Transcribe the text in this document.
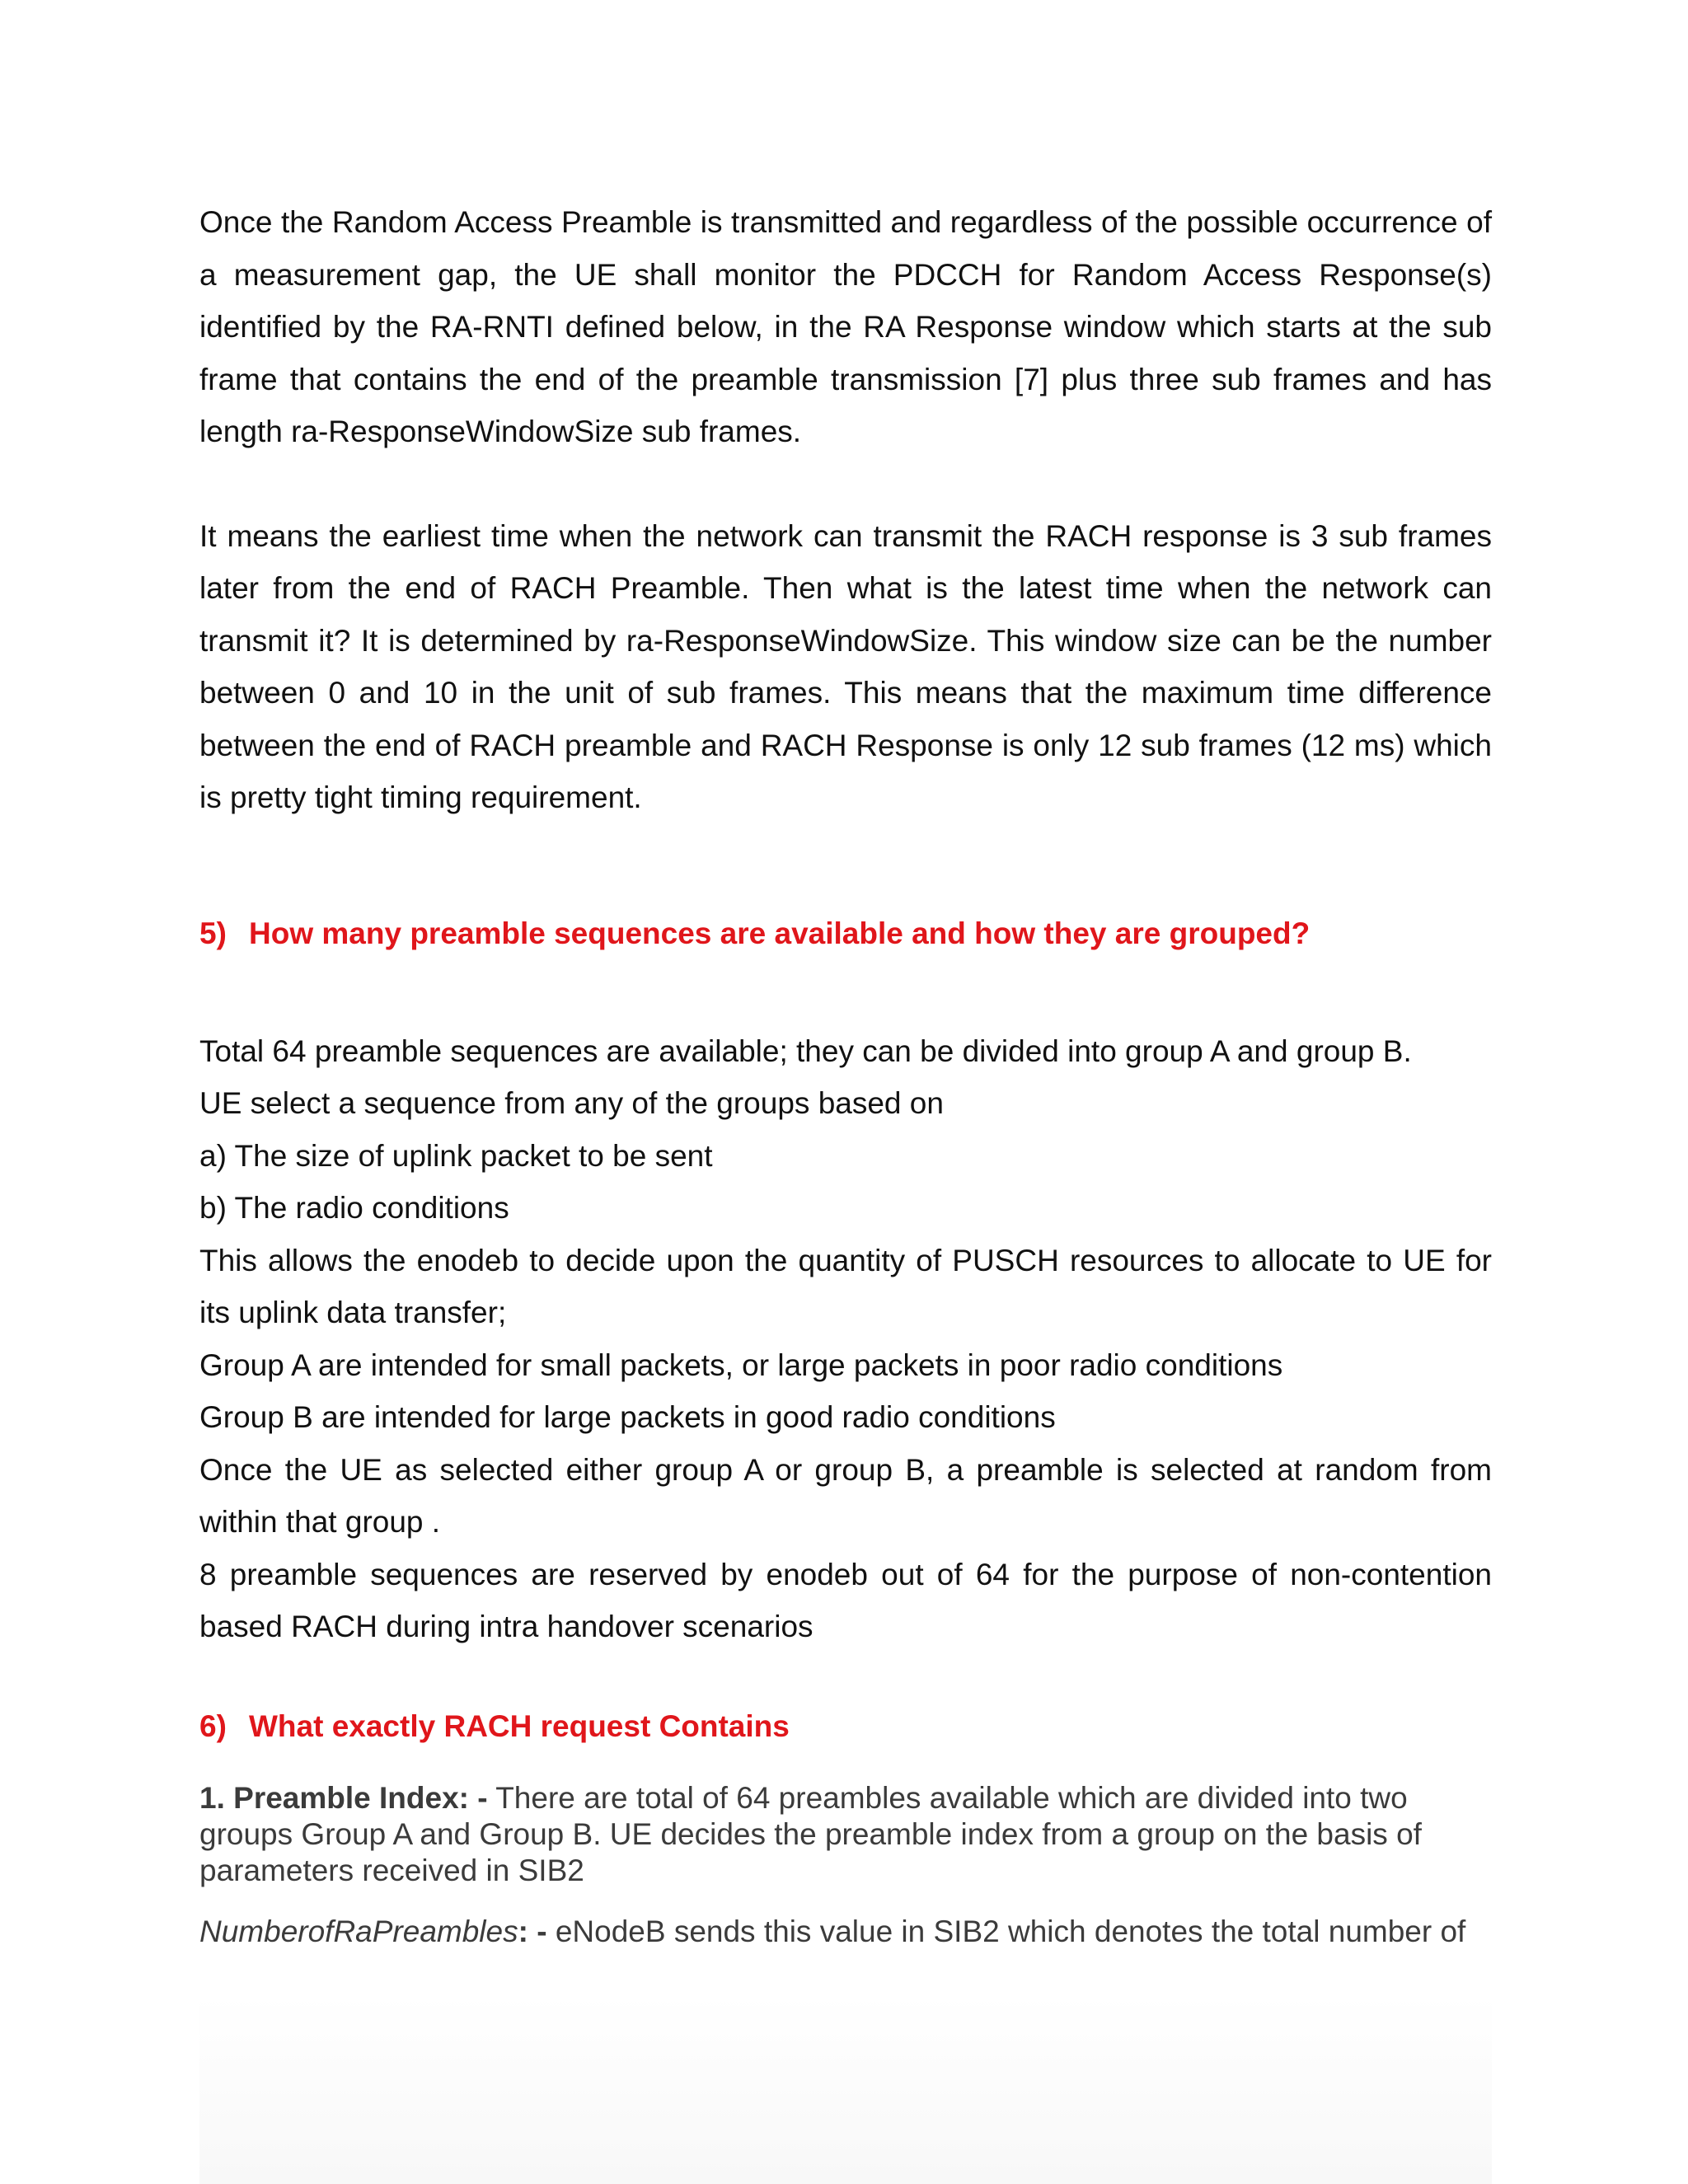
Once the Random Access Preamble is transmitted and regardless of the possible occurrence of a measurement gap, the UE shall monitor the PDCCH for Random Access Response(s) identified by the RA-RNTI defined below, in the RA Response window which starts at the sub frame that contains the end of the preamble transmission [7] plus three sub frames and has length ra-ResponseWindowSize sub frames.

It means the earliest time when the network can transmit the RACH response is 3 sub frames later from the end of RACH Preamble. Then what is the latest time when the network can transmit it? It is determined by ra-ResponseWindowSize. This window size can be the number between 0 and 10 in the unit of sub frames. This means that the maximum time difference between the end of RACH preamble and RACH Response is only 12 sub frames (12 ms) which is pretty tight timing requirement.

5) How many preamble sequences are available and how they are grouped?

Total 64 preamble sequences are available; they can be divided into group A and group B.

UE select a sequence from any of the groups based on

a) The size of uplink packet to be sent

b) The radio conditions

This allows the enodeb to decide upon the quantity of PUSCH resources to allocate to UE for its uplink data transfer;

Group A are intended for small packets, or large packets in poor radio conditions

Group B are intended for large packets in good radio conditions

Once the UE as selected either group A or group B, a preamble is selected at random from within that group .

8 preamble sequences are reserved by enodeb out of 64 for the purpose of non-contention based RACH during intra handover scenarios

6) What exactly RACH request Contains

1. Preamble Index: - There are total of 64 preambles available which are divided into two groups Group A and Group B. UE decides the preamble index from a group on the basis of parameters received in SIB2

NumberofRaPreambles: - eNodeB sends this value in SIB2 which denotes the total number of
